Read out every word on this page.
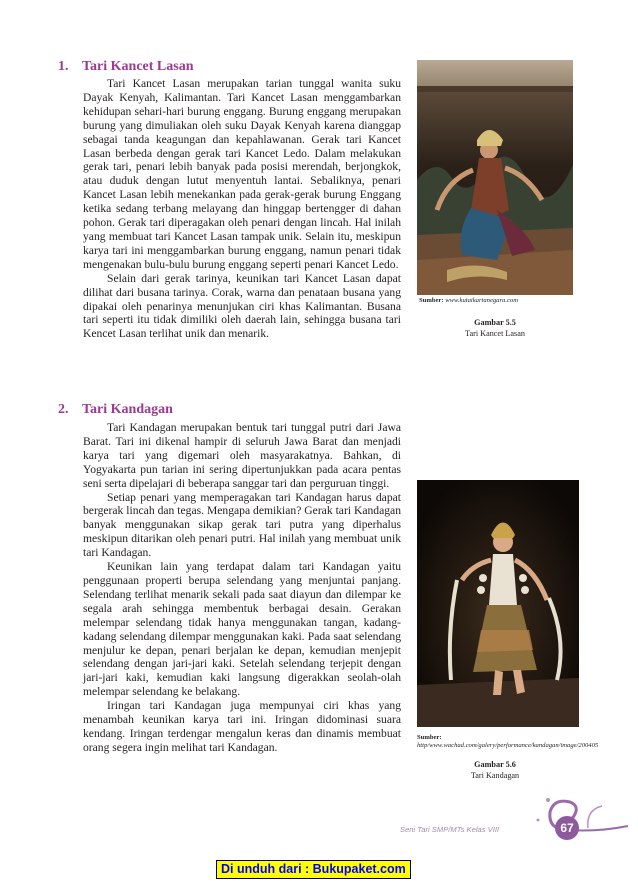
1. Tari Kancet Lasan

Tari Kancet Lasan merupakan tarian tunggal wanita suku Dayak Kenyah, Kalimantan. Tari Kancet Lasan menggambarkan kehidupan sehari-hari burung enggang. Burung enggang merupakan burung yang dimuliakan oleh suku Dayak Kenyah karena dianggap sebagai tanda keagungan dan kepahlawanan. Gerak tari Kancet Lasan berbeda dengan gerak tari Kancet Ledo. Dalam melakukan gerak tari, penari lebih banyak pada posisi merendah, berjongkok, atau duduk dengan lutut menyentuh lantai. Sebaliknya, penari Kancet Lasan lebih menekankan pada gerak-gerak burung Enggang ketika sedang terbang melayang dan hinggap bertengger di dahan pohon. Gerak tari diperagakan oleh penari dengan lincah. Hal inilah yang membuat tari Kancet Lasan tampak unik. Selain itu, meskipun karya tari ini menggambarkan burung enggang, namun penari tidak mengenakan bulu-bulu burung enggang seperti penari Kancet Ledo.

Selain dari gerak tarinya, keunikan tari Kancet Lasan dapat dilihat dari busana tarinya. Corak, warna dan penataan busana yang dipakai oleh penarinya menunjukan ciri khas Kalimantan. Busana tari seperti itu tidak dimiliki oleh daerah lain, sehingga busana tari Kencet Lasan terlihat unik dan menarik.

Sumber: www.kutaikartanegara.com
Gambar 5.5
Tari Kancet Lasan
2. Tari Kandagan

Tari Kandagan merupakan bentuk tari tunggal putri dari Jawa Barat. Tari ini dikenal hampir di seluruh Jawa Barat dan menjadi karya tari yang digemari oleh masyarakatnya. Bahkan, di Yogyakarta pun tarian ini sering dipertunjukkan pada acara pentas seni serta dipelajari di beberapa sanggar tari dan perguruan tinggi.

Setiap penari yang memperagakan tari Kandagan harus dapat bergerak lincah dan tegas. Mengapa demikian? Gerak tari Kandagan banyak menggunakan sikap gerak tari putra yang diperhalus meskipun ditarikan oleh penari putri. Hal inilah yang membuat unik tari Kandagan.

Keunikan lain yang terdapat dalam tari Kandagan yaitu penggunaan properti berupa selendang yang menjuntai panjang. Selendang terlihat menarik sekali pada saat diayun dan dilempar ke segala arah sehingga membentuk berbagai desain. Gerakan melempar selendang tidak hanya menggunakan tangan, kadang-kadang selendang dilempar menggunakan kaki. Pada saat selendang menjulur ke depan, penari berjalan ke depan, kemudian menjepit selendang dengan jari-jari kaki. Setelah selendang terjepit dengan jari-jari kaki, kemudian kaki langsung digerakkan seolah-olah melempar selendang ke belakang.

Iringan tari Kandagan juga mempunyai ciri khas yang menambah keunikan karya tari ini. Iringan didominasi suara kendang. Iringan terdengar mengalun keras dan dinamis membuat orang segera ingin melihat tari Kandagan.

Sumber: http/www.wachad.com/galery/performance/kandagan/image/200405
Gambar 5.6
Tari Kandagan
Seni Tari SMP/MTs Kelas VIII	67
Di unduh dari : Bukupaket.com
